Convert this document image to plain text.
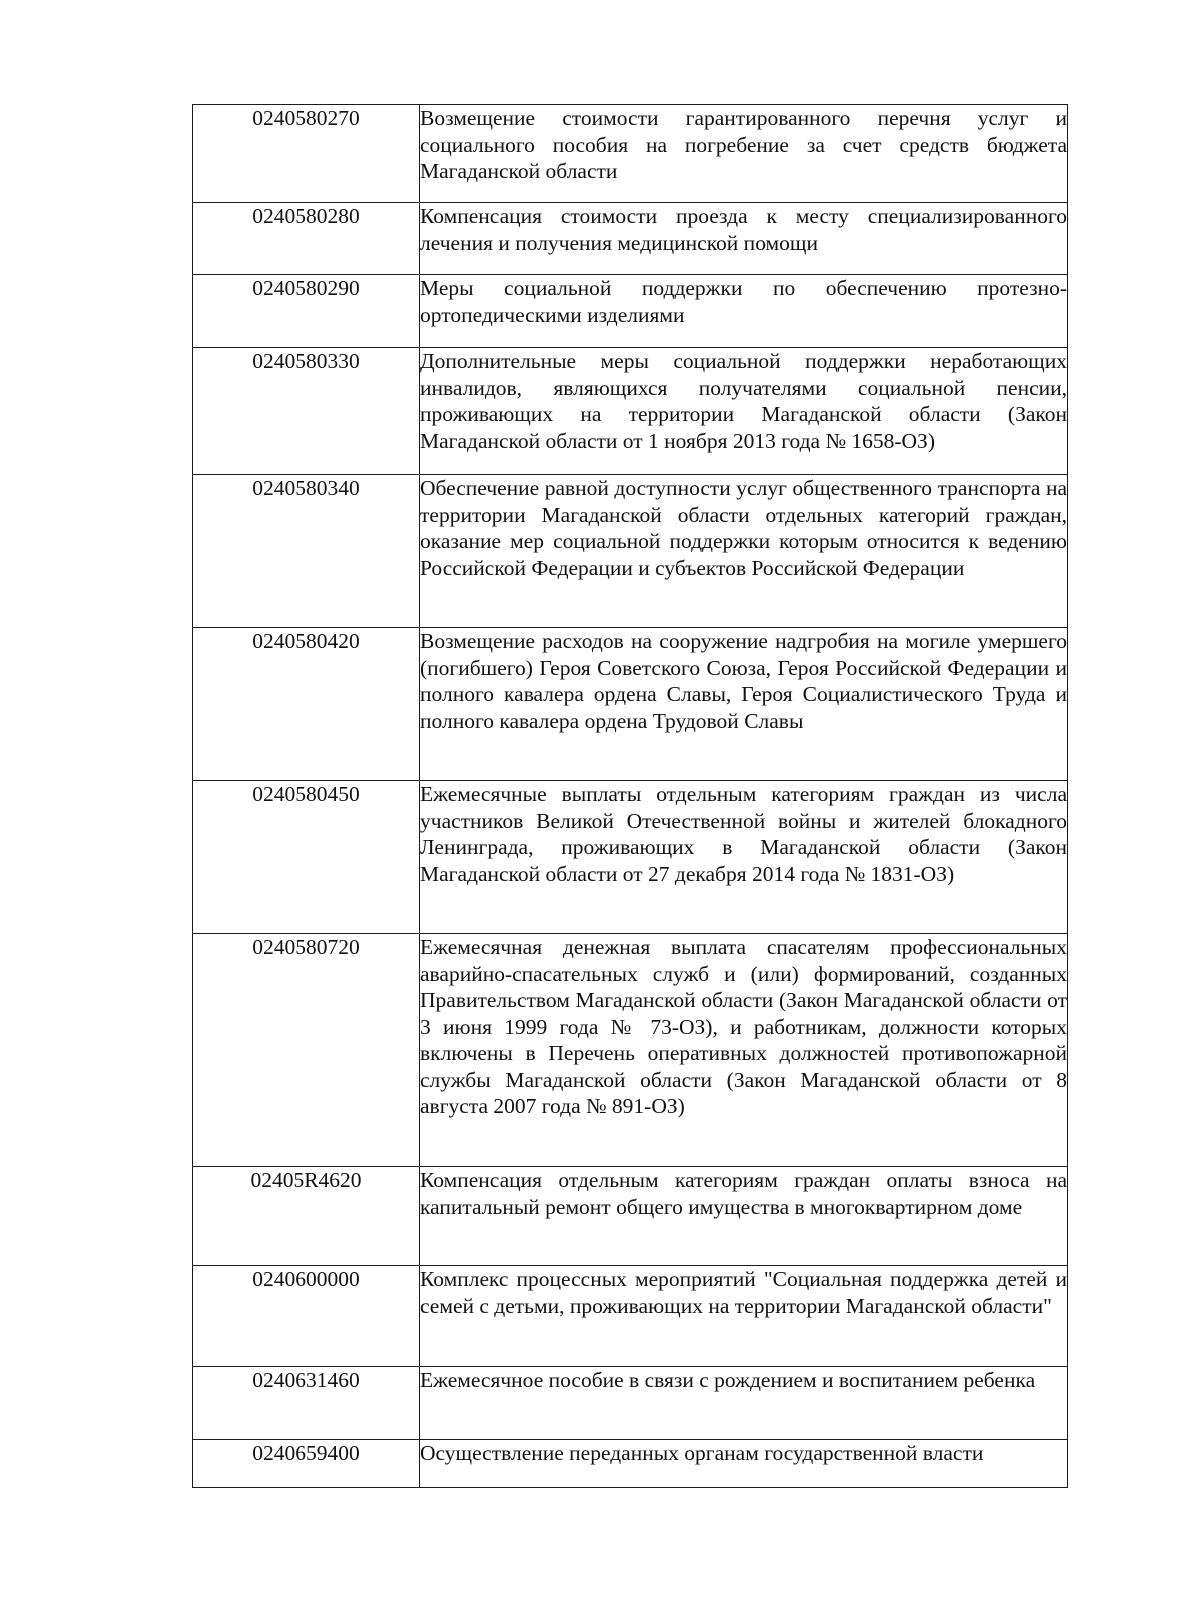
0240580270	Возмещение стоимости гарантированного перечня услуг и социального пособия на погребение за счет средств бюджета Магаданской области
0240580280	Компенсация стоимости проезда к месту специализированного лечения и получения медицинской помощи
0240580290	Меры социальной поддержки по обеспечению протезно-ортопедическими изделиями
0240580330	Дополнительные меры социальной поддержки неработающих инвалидов, являющихся получателями социальной пенсии, проживающих на территории Магаданской области (Закон Магаданской области от 1 ноября 2013 года № 1658-ОЗ)
0240580340	Обеспечение равной доступности услуг общественного транспорта на территории Магаданской области отдельных категорий граждан, оказание мер социальной поддержки которым относится к ведению Российской Федерации и субъектов Российской Федерации
0240580420	Возмещение расходов на сооружение надгробия на могиле умершего (погибшего) Героя Советского Союза, Героя Российской Федерации и полного кавалера ордена Славы, Героя Социалистического Труда и полного кавалера ордена Трудовой Славы
0240580450	Ежемесячные выплаты отдельным категориям граждан из числа участников Великой Отечественной войны и жителей блокадного Ленинграда, проживающих в Магаданской области (Закон Магаданской области от 27 декабря 2014 года № 1831-ОЗ)
0240580720	Ежемесячная денежная выплата спасателям профессиональных аварийно-спасательных служб и (или) формирований, созданных Правительством Магаданской области (Закон Магаданской области от 3 июня 1999 года № 73-ОЗ), и работникам, должности которых включены в Перечень оперативных должностей противопожарной службы Магаданской области (Закон Магаданской области от 8 августа 2007 года № 891-ОЗ)
02405R4620	Компенсация отдельным категориям граждан оплаты взноса на капитальный ремонт общего имущества в многоквартирном доме
0240600000	Комплекс процессных мероприятий "Социальная поддержка детей и семей с детьми, проживающих на территории Магаданской области"
0240631460	Ежемесячное пособие в связи с рождением и воспитанием ребенка
0240659400	Осуществление переданных органам государственной власти
